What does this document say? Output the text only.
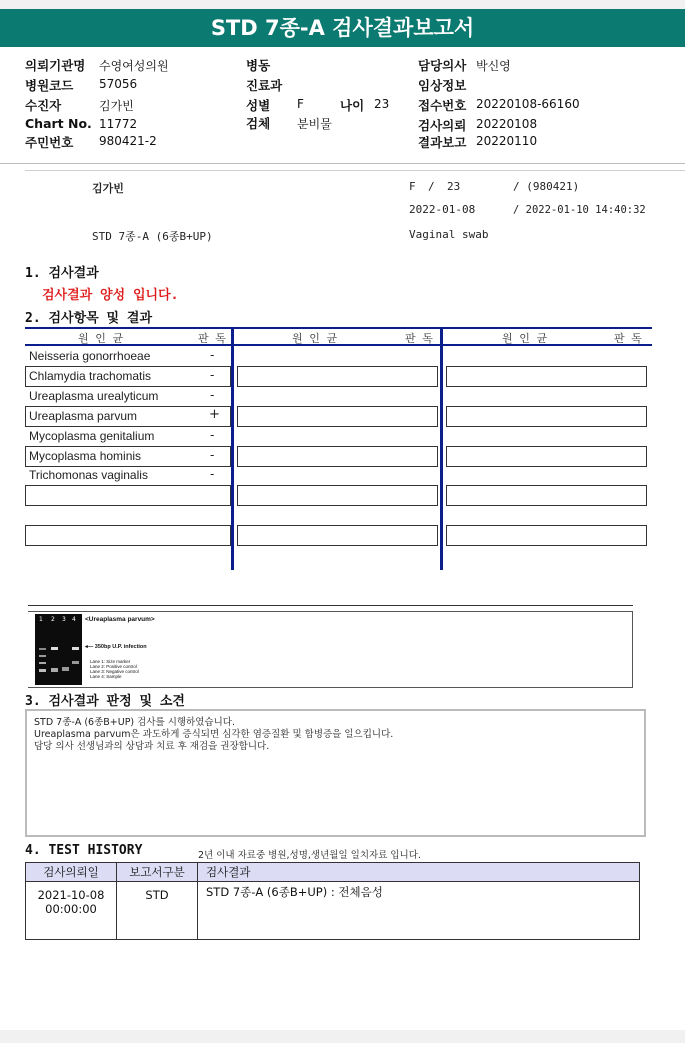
STD 7종-A 검사결과보고서
의뢰기관명 수영여성의원
병원코드 57056
수진자	김가빈
Chart No. 11772
주민번호 980421-2
병동
진료과
성별 F	나이 23
검체 분비물
담당의사 박신영
임상정보
접수번호 20220108-66160
검사의뢰 20220108
결과보고 20220110
김가빈	F / 23	/ (980421)
2022-01-08	/ 2022-01-10 14:40:32
STD 7종-A (6종B+UP)	Vaginal swab
1. 검사결과
검사결과 양성 입니다.
2. 검사항목 및 결과
원 인 균	판 독	원 인 균	판 독	원 인 균	판 독
Neisseria gonorrhoeae	-
Chlamydia trachomatis	-
Ureaplasma urealyticum	-
Ureaplasma parvum	+
Mycoplasma genitalium	-
Mycoplasma hominis	-
Trichomonas vaginalis	-
1 2 3 4 <Ureaplasma parvum>
◂— 350bp U.P. infection
Lane 1: Size marker
Lane 2: Positive control
Lane 3: Negative control
Lane 4: Sample
3. 검사결과 판정 및 소견
STD 7종-A (6종B+UP) 검사를 시행하였습니다.
Ureaplasma parvum은 과도하게 증식되면 심각한 염증질환 및 합병증을 일으킵니다.
담당 의사 선생님과의 상담과 치료 후 재검을 권장합니다.
4. TEST HISTORY	2년 이내 자료중 병원,성명,생년월일 일치자료 입니다.
검사의뢰일	보고서구분	검사결과

2021-10-08
00:00:00	STD	STD 7종-A (6종B+UP) : 전체음성
